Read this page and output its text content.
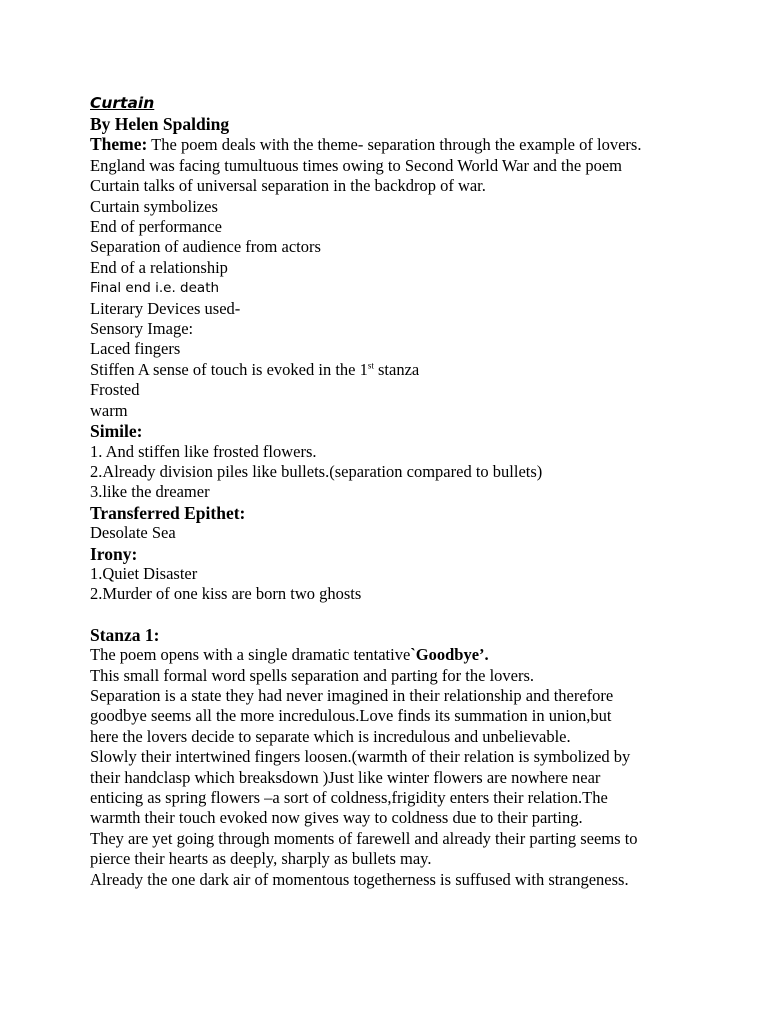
Curtain
By Helen Spalding
Theme: The poem deals with the theme- separation through the example of lovers.
England was facing tumultuous times owing to Second World War and the poem
Curtain talks of universal separation in the backdrop of war.
Curtain symbolizes
End of performance
Separation of audience from actors
End of a relationship
Final end i.e. death
Literary Devices used-
Sensory Image:
Laced fingers
Stiffen A sense of touch is evoked in the 1st stanza
Frosted
warm
Simile:
1. And stiffen like frosted flowers.
2.Already division piles like bullets.(separation compared to bullets)
3.like the dreamer
Transferred Epithet:
Desolate Sea
Irony:
1.Quiet Disaster
2.Murder of one kiss are born two ghosts
Stanza 1:
The poem opens with a single dramatic tentative`Goodbye’.
This small formal word spells separation and parting for the lovers.
Separation is a state they had never imagined in their relationship and therefore
goodbye seems all the more incredulous.Love finds its summation in union,but
here the lovers decide to separate which is incredulous and unbelievable.
Slowly their intertwined fingers loosen.(warmth of their relation is symbolized by
their handclasp which breaksdown )Just like winter flowers are nowhere near
enticing as spring flowers –a sort of coldness,frigidity enters their relation.The
warmth their touch evoked now gives way to coldness due to their parting.
They are yet going through moments of farewell and already their parting seems to
pierce their hearts as deeply, sharply as bullets may.
Already the one dark air of momentous togetherness is suffused with strangeness.
